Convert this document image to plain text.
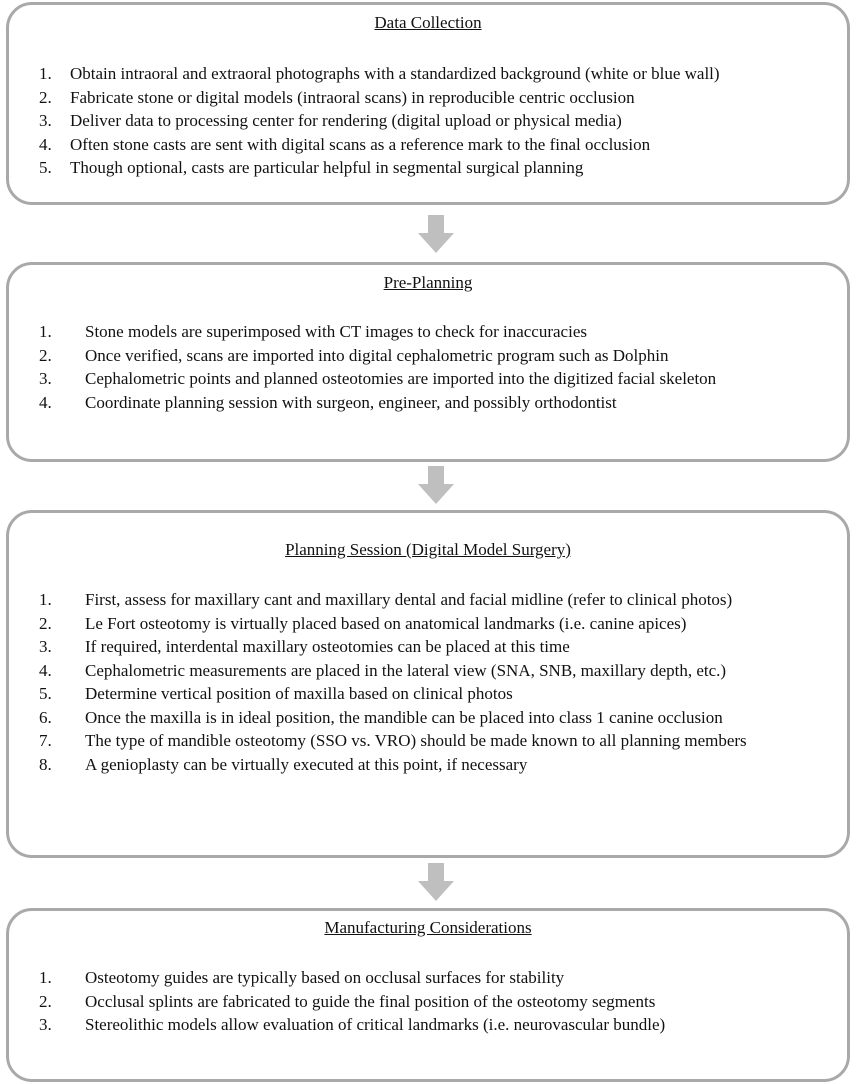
Data Collection
1. Obtain intraoral and extraoral photographs with a standardized background (white or blue wall)
2. Fabricate stone or digital models (intraoral scans) in reproducible centric occlusion
3. Deliver data to processing center for rendering (digital upload or physical media)
4. Often stone casts are sent with digital scans as a reference mark to the final occlusion
5. Though optional, casts are particular helpful in segmental surgical planning
Pre-Planning
1. Stone models are superimposed with CT images to check for inaccuracies
2. Once verified, scans are imported into digital cephalometric program such as Dolphin
3. Cephalometric points and planned osteotomies are imported into the digitized facial skeleton
4. Coordinate planning session with surgeon, engineer, and possibly orthodontist
Planning Session (Digital Model Surgery)
1. First, assess for maxillary cant and maxillary dental and facial midline (refer to clinical photos)
2. Le Fort osteotomy is virtually placed based on anatomical landmarks (i.e. canine apices)
3. If required, interdental maxillary osteotomies can be placed at this time
4. Cephalometric measurements are placed in the lateral view (SNA, SNB, maxillary depth, etc.)
5. Determine vertical position of maxilla based on clinical photos
6. Once the maxilla is in ideal position, the mandible can be placed into class 1 canine occlusion
7. The type of mandible osteotomy (SSO vs. VRO) should be made known to all planning members
8. A genioplasty can be virtually executed at this point, if necessary
Manufacturing Considerations
1. Osteotomy guides are typically based on occlusal surfaces for stability
2. Occlusal splints are fabricated to guide the final position of the osteotomy segments
3. Stereolithic models allow evaluation of critical landmarks (i.e. neurovascular bundle)
